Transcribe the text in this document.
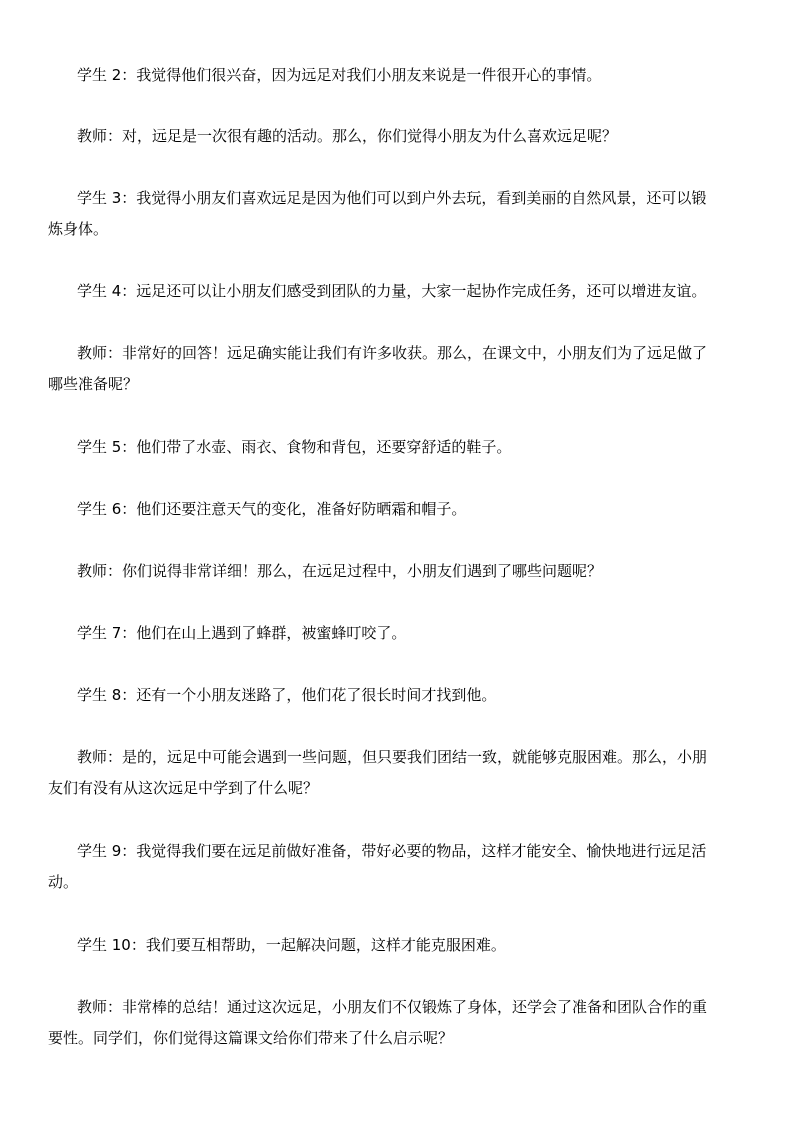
学生 2：我觉得他们很兴奋，因为远足对我们小朋友来说是一件很开心的事情。
教师：对，远足是一次很有趣的活动。那么，你们觉得小朋友为什么喜欢远足呢？
学生 3：我觉得小朋友们喜欢远足是因为他们可以到户外去玩，看到美丽的自然风景，还可以锻
炼身体。
学生 4：远足还可以让小朋友们感受到团队的力量，大家一起协作完成任务，还可以增进友谊。
教师：非常好的回答！远足确实能让我们有许多收获。那么，在课文中，小朋友们为了远足做了
哪些准备呢？
学生 5：他们带了水壶、雨衣、食物和背包，还要穿舒适的鞋子。
学生 6：他们还要注意天气的变化，准备好防晒霜和帽子。
教师：你们说得非常详细！那么，在远足过程中，小朋友们遇到了哪些问题呢？
学生 7：他们在山上遇到了蜂群，被蜜蜂叮咬了。
学生 8：还有一个小朋友迷路了，他们花了很长时间才找到他。
教师：是的，远足中可能会遇到一些问题，但只要我们团结一致，就能够克服困难。那么，小朋
友们有没有从这次远足中学到了什么呢？
学生 9：我觉得我们要在远足前做好准备，带好必要的物品，这样才能安全、愉快地进行远足活
动。
学生 10：我们要互相帮助，一起解决问题，这样才能克服困难。
教师：非常棒的总结！通过这次远足，小朋友们不仅锻炼了身体，还学会了准备和团队合作的重
要性。同学们，你们觉得这篇课文给你们带来了什么启示呢？
